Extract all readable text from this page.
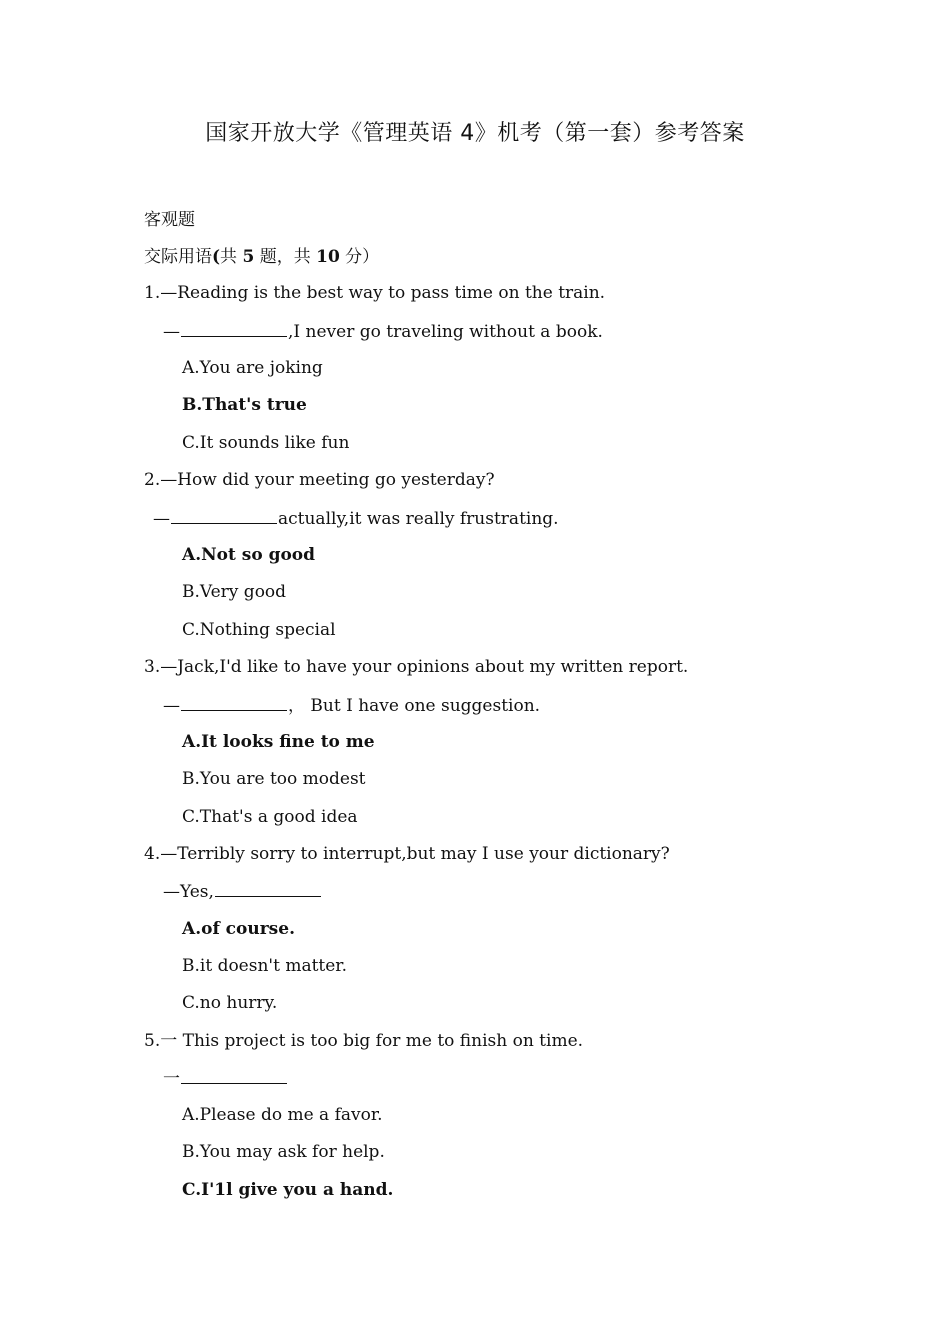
国家开放大学《管理英语 4》机考（第一套）参考答案
客观题
交际用语(共 5 题，共 10 分）
1.—Reading is the best way to pass time on the train.
—	,I never go traveling without a book.
A.You are joking
B.That's true
C.It sounds like fun
2.—How did your meeting go yesterday?
—	actually,it was really frustrating.
A.Not so good
B.Very good
C.Nothing special
3.—Jack,I'd like to have your opinions about my written report.
—	， But I have one suggestion.
A.It looks fine to me
B.You are too modest
C.That's a good idea
4.—Terribly sorry to interrupt,but may I use your dictionary?
—Yes,
A.of course.
B.it doesn't matter.
C.no hurry.
5.一 This project is too big for me to finish on time.
一
A.Please do me a favor.
B.You may ask for help.
C.I'1l give you a hand.
